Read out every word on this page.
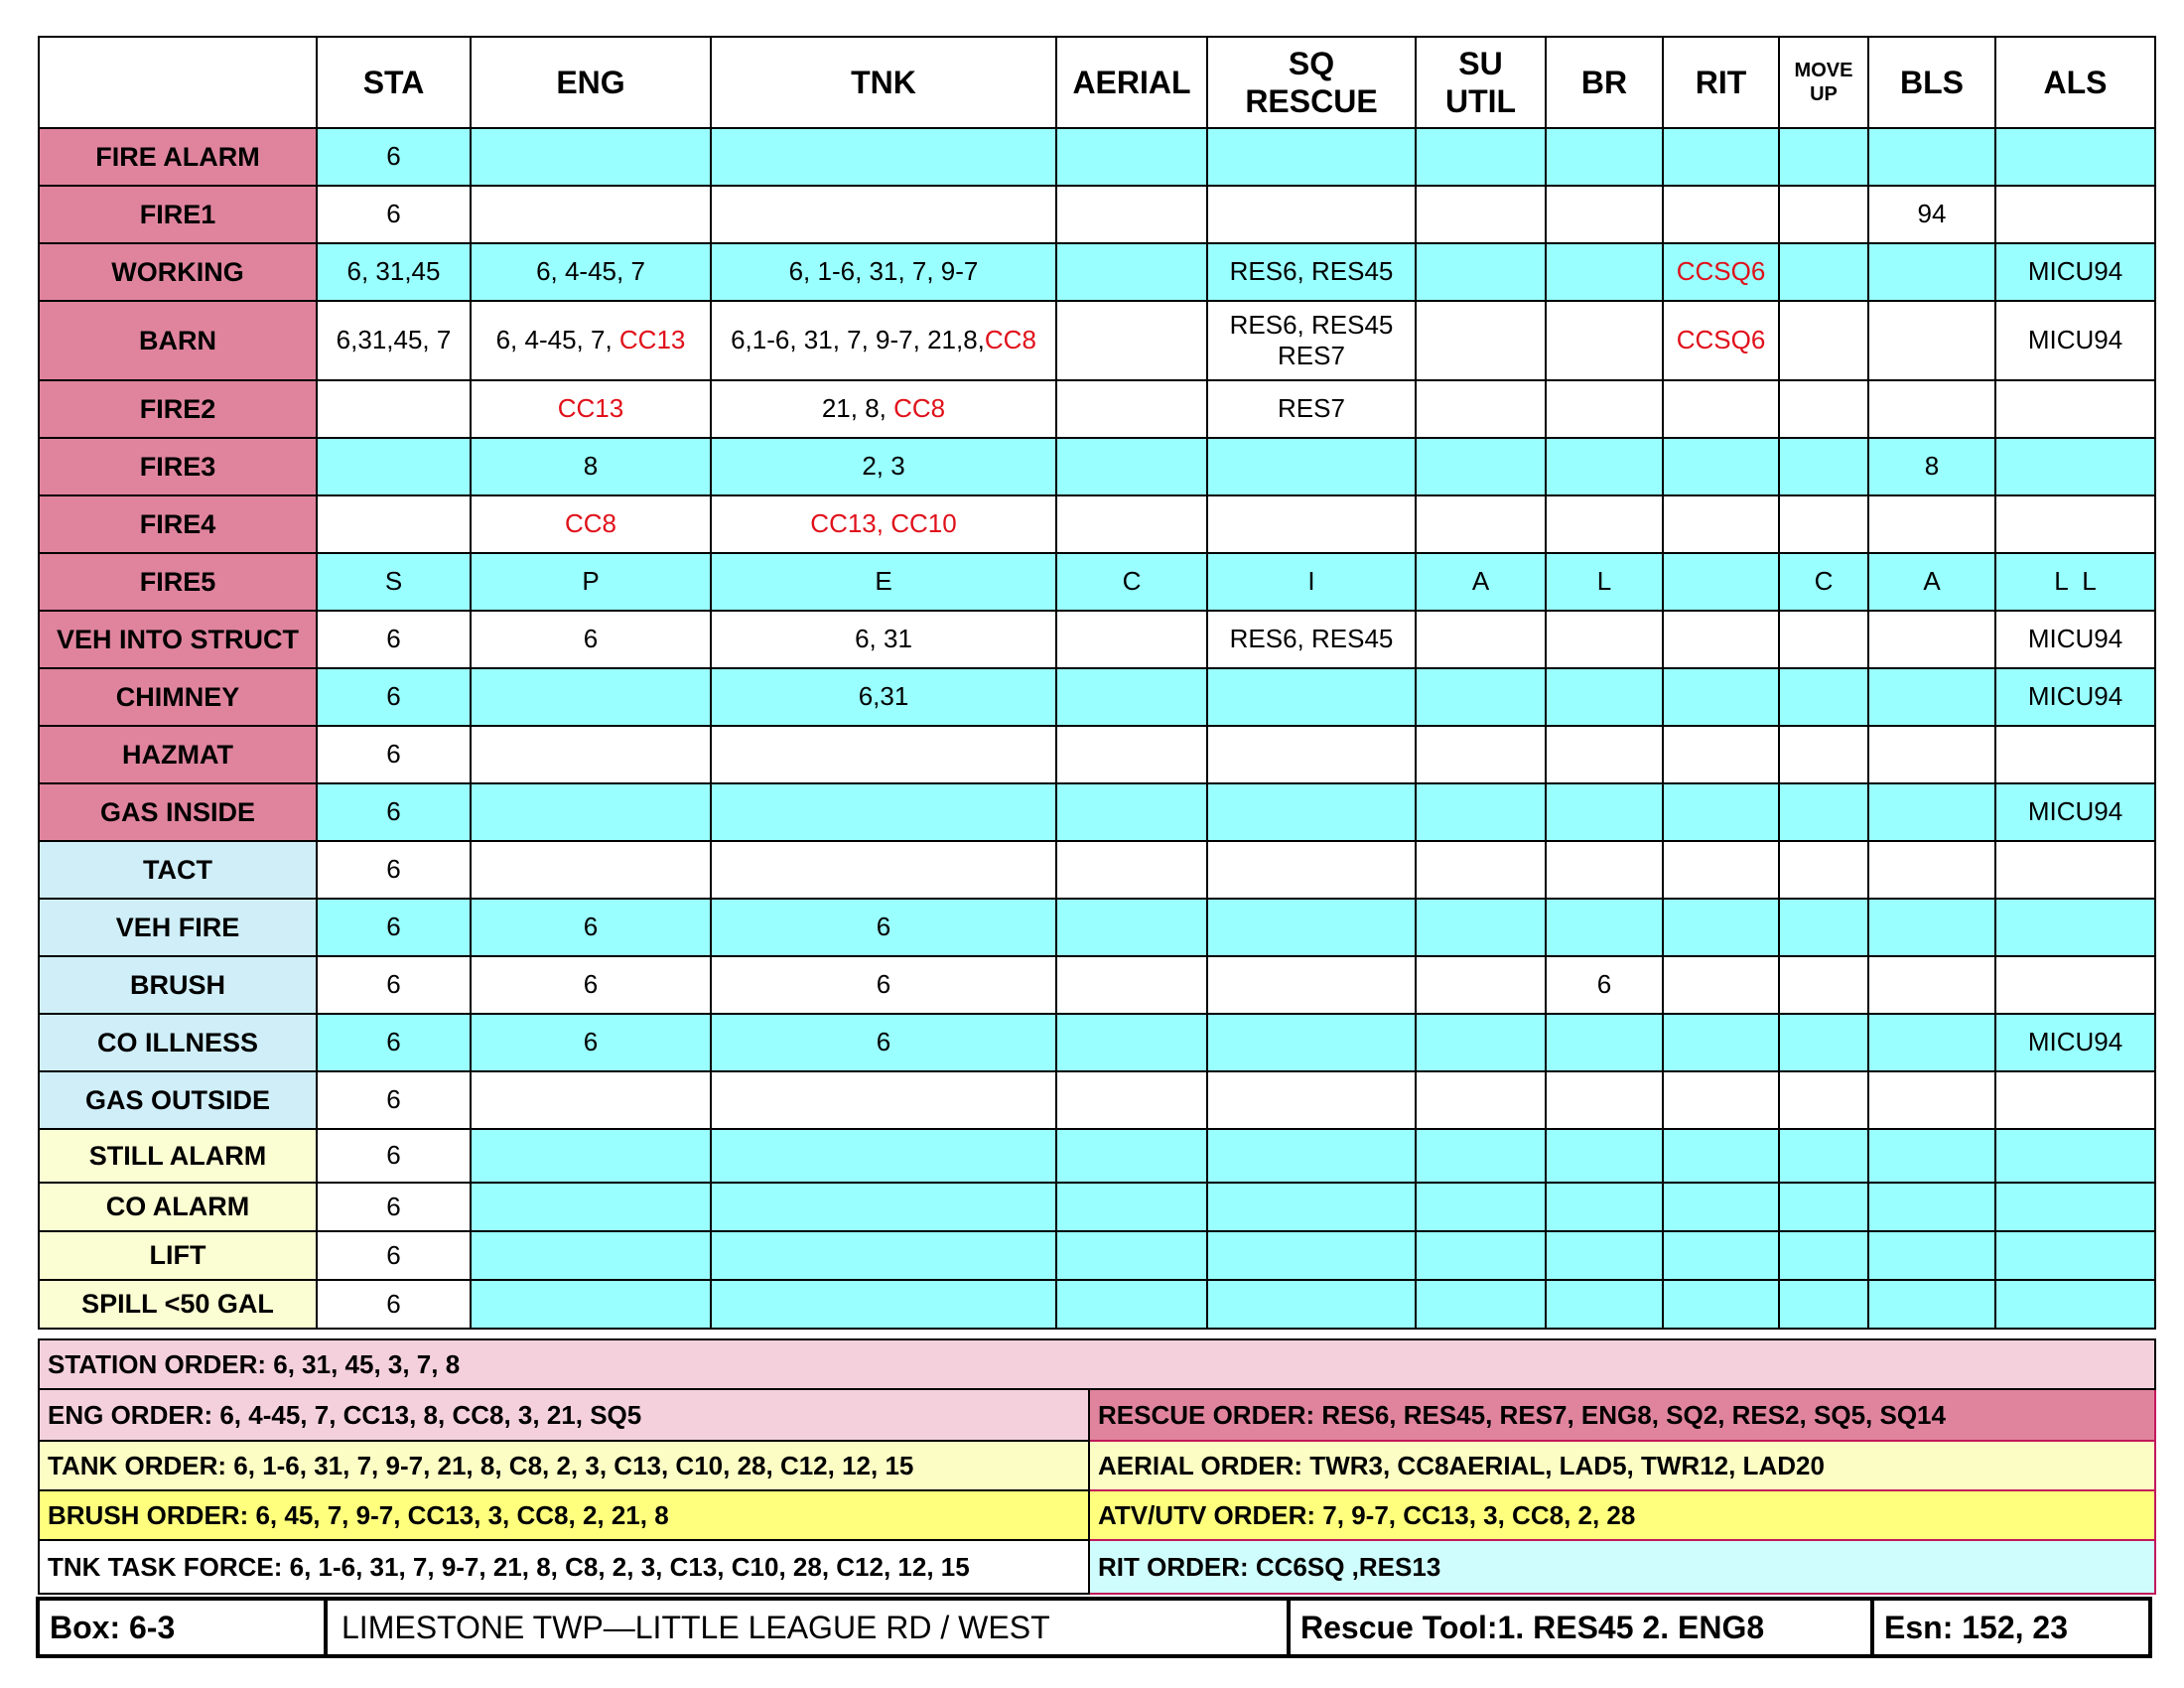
	STA	ENG	TNK	AERIAL	SQ
RESCUE	SU
UTIL	BR	RIT	MOVE
UP	BLS	ALS
FIRE ALARM	6										
FIRE1	6									94	
WORKING	6, 31,45	6, 4-45, 7	6, 1-6, 31, 7, 9-7		RES6, RES45			CCSQ6			MICU94
BARN	6,31,45, 7	6, 4-45, 7, CC13	6,1-6, 31, 7, 9-7, 21,8,CC8		RES6, RES45
RES7			CCSQ6			MICU94
FIRE2		CC13	21, 8, CC8		RES7						
FIRE3		8	2, 3							8	
FIRE4		CC8	CC13, CC10								
FIRE5	S	P	E	C	I	A	L		C	A	L  L
VEH INTO STRUCT	6	6	6, 31		RES6, RES45						MICU94
CHIMNEY	6		6,31								MICU94
HAZMAT	6										
GAS INSIDE	6										MICU94
TACT	6										
VEH FIRE	6	6	6								
BRUSH	6	6	6				6				
CO ILLNESS	6	6	6								MICU94
GAS OUTSIDE	6										
STILL ALARM	6										
CO ALARM	6										
LIFT	6										
SPILL <50 GAL	6										
STATION ORDER: 6, 31, 45, 3, 7, 8	
ENG ORDER: 6, 4-45, 7, CC13, 8, CC8, 3, 21, SQ5	RESCUE ORDER: RES6, RES45, RES7, ENG8, SQ2, RES2, SQ5, SQ14
TANK ORDER: 6, 1-6, 31, 7, 9-7, 21, 8, C8, 2, 3, C13, C10, 28, C12, 12, 15	AERIAL ORDER: TWR3, CC8AERIAL, LAD5, TWR12, LAD20
BRUSH ORDER: 6, 45, 7, 9-7, CC13, 3, CC8, 2, 21, 8	ATV/UTV ORDER: 7, 9-7, CC13, 3, CC8, 2, 28
TNK TASK FORCE: 6, 1-6, 31, 7, 9-7, 21, 8, C8, 2, 3, C13, C10, 28, C12, 12, 15	RIT ORDER: CC6SQ ,RES13
Box: 6-3	LIMESTONE TWP—LITTLE LEAGUE RD / WEST	Rescue Tool:1. RES45 2. ENG8	Esn: 152, 23
